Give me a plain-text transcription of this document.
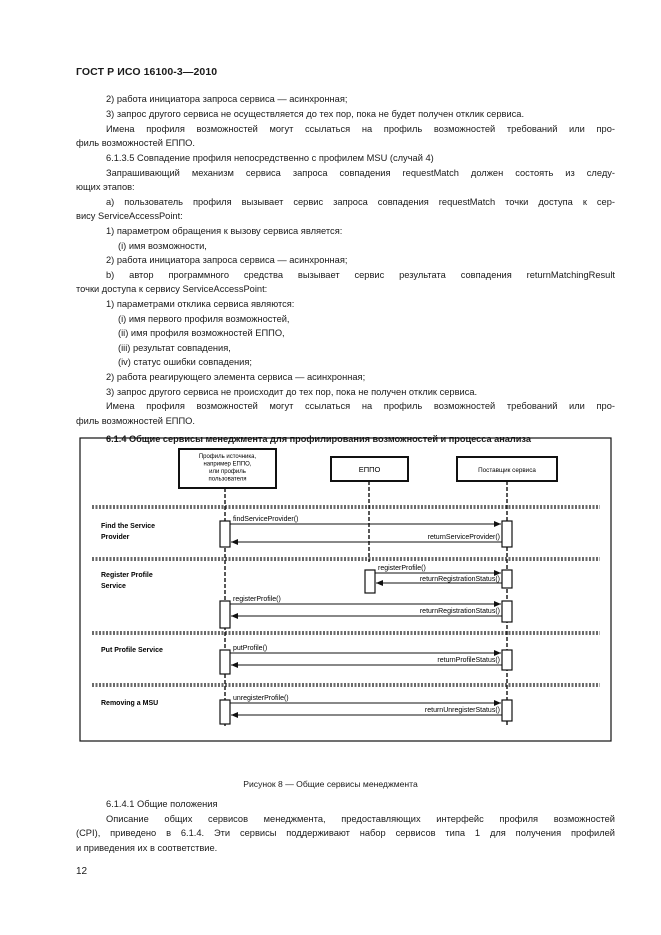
ГОСТ Р ИСО 16100-3—2010
2) работа инициатора запроса сервиса — асинхронная;
3) запрос другого сервиса не осуществляется до тех пор, пока не будет получен отклик сервиса.
Имена профиля возможностей могут ссылаться на профиль возможностей требований или про-
филь возможностей ЕППО.
6.1.3.5 Совпадение профиля непосредственно с профилем MSU (случай 4)
Запрашивающий механизм сервиса запроса совпадения requestMatch должен состоять из следу-
ющих этапов:
а) пользователь профиля вызывает сервис запроса совпадения requestMatch точки доступа к сер-
вису ServiceAccessPoint:
1) параметром обращения к вызову сервиса является:
(i) имя возможности,
2) работа инициатора запроса сервиса — асинхронная;
b) автор программного средства вызывает сервис результата совпадения returnMatchingResult
точки доступа к сервису ServiceAccessPoint:
1) параметрами отклика сервиса являются:
(i) имя первого профиля возможностей,
(ii) имя профиля возможностей ЕППО,
(iii) результат совпадения,
(iv) статус ошибки совпадения;
2) работа реагирующего элемента сервиса — асинхронная;
3) запрос другого сервиса не происходит до тех пор, пока не получен отклик сервиса.
Имена профиля возможностей могут ссылаться на профиль возможностей требований или про-
филь возможностей ЕППО.
6.1.4 Общие сервисы менеджмента для профилирования возможностей и процесса анализа
Профиль источника,
например ЕППО,
или профиль
пользователя
ЕППО	Поставщик сервиса
Find the Service
Provider
Register Profile
Service
Put Profile Service
Removing a MSU
findServiceProvider()
returnServiceProvider()
registerProfile()
returnRegistrationStatus()
registerProfile()
returnRegistrationStatus()
putProfile()
returnProfileStatus()
unregisterProfile()
returnUnregisterStatus()
Рисунок 8 — Общие сервисы менеджмента
6.1.4.1 Общие положения
Описание общих сервисов менеджмента, предоставляющих интерфейс профиля возможностей
(CPI), приведено в 6.1.4. Эти сервисы поддерживают набор сервисов типа 1 для получения профилей
и приведения их в соответствие.
12
